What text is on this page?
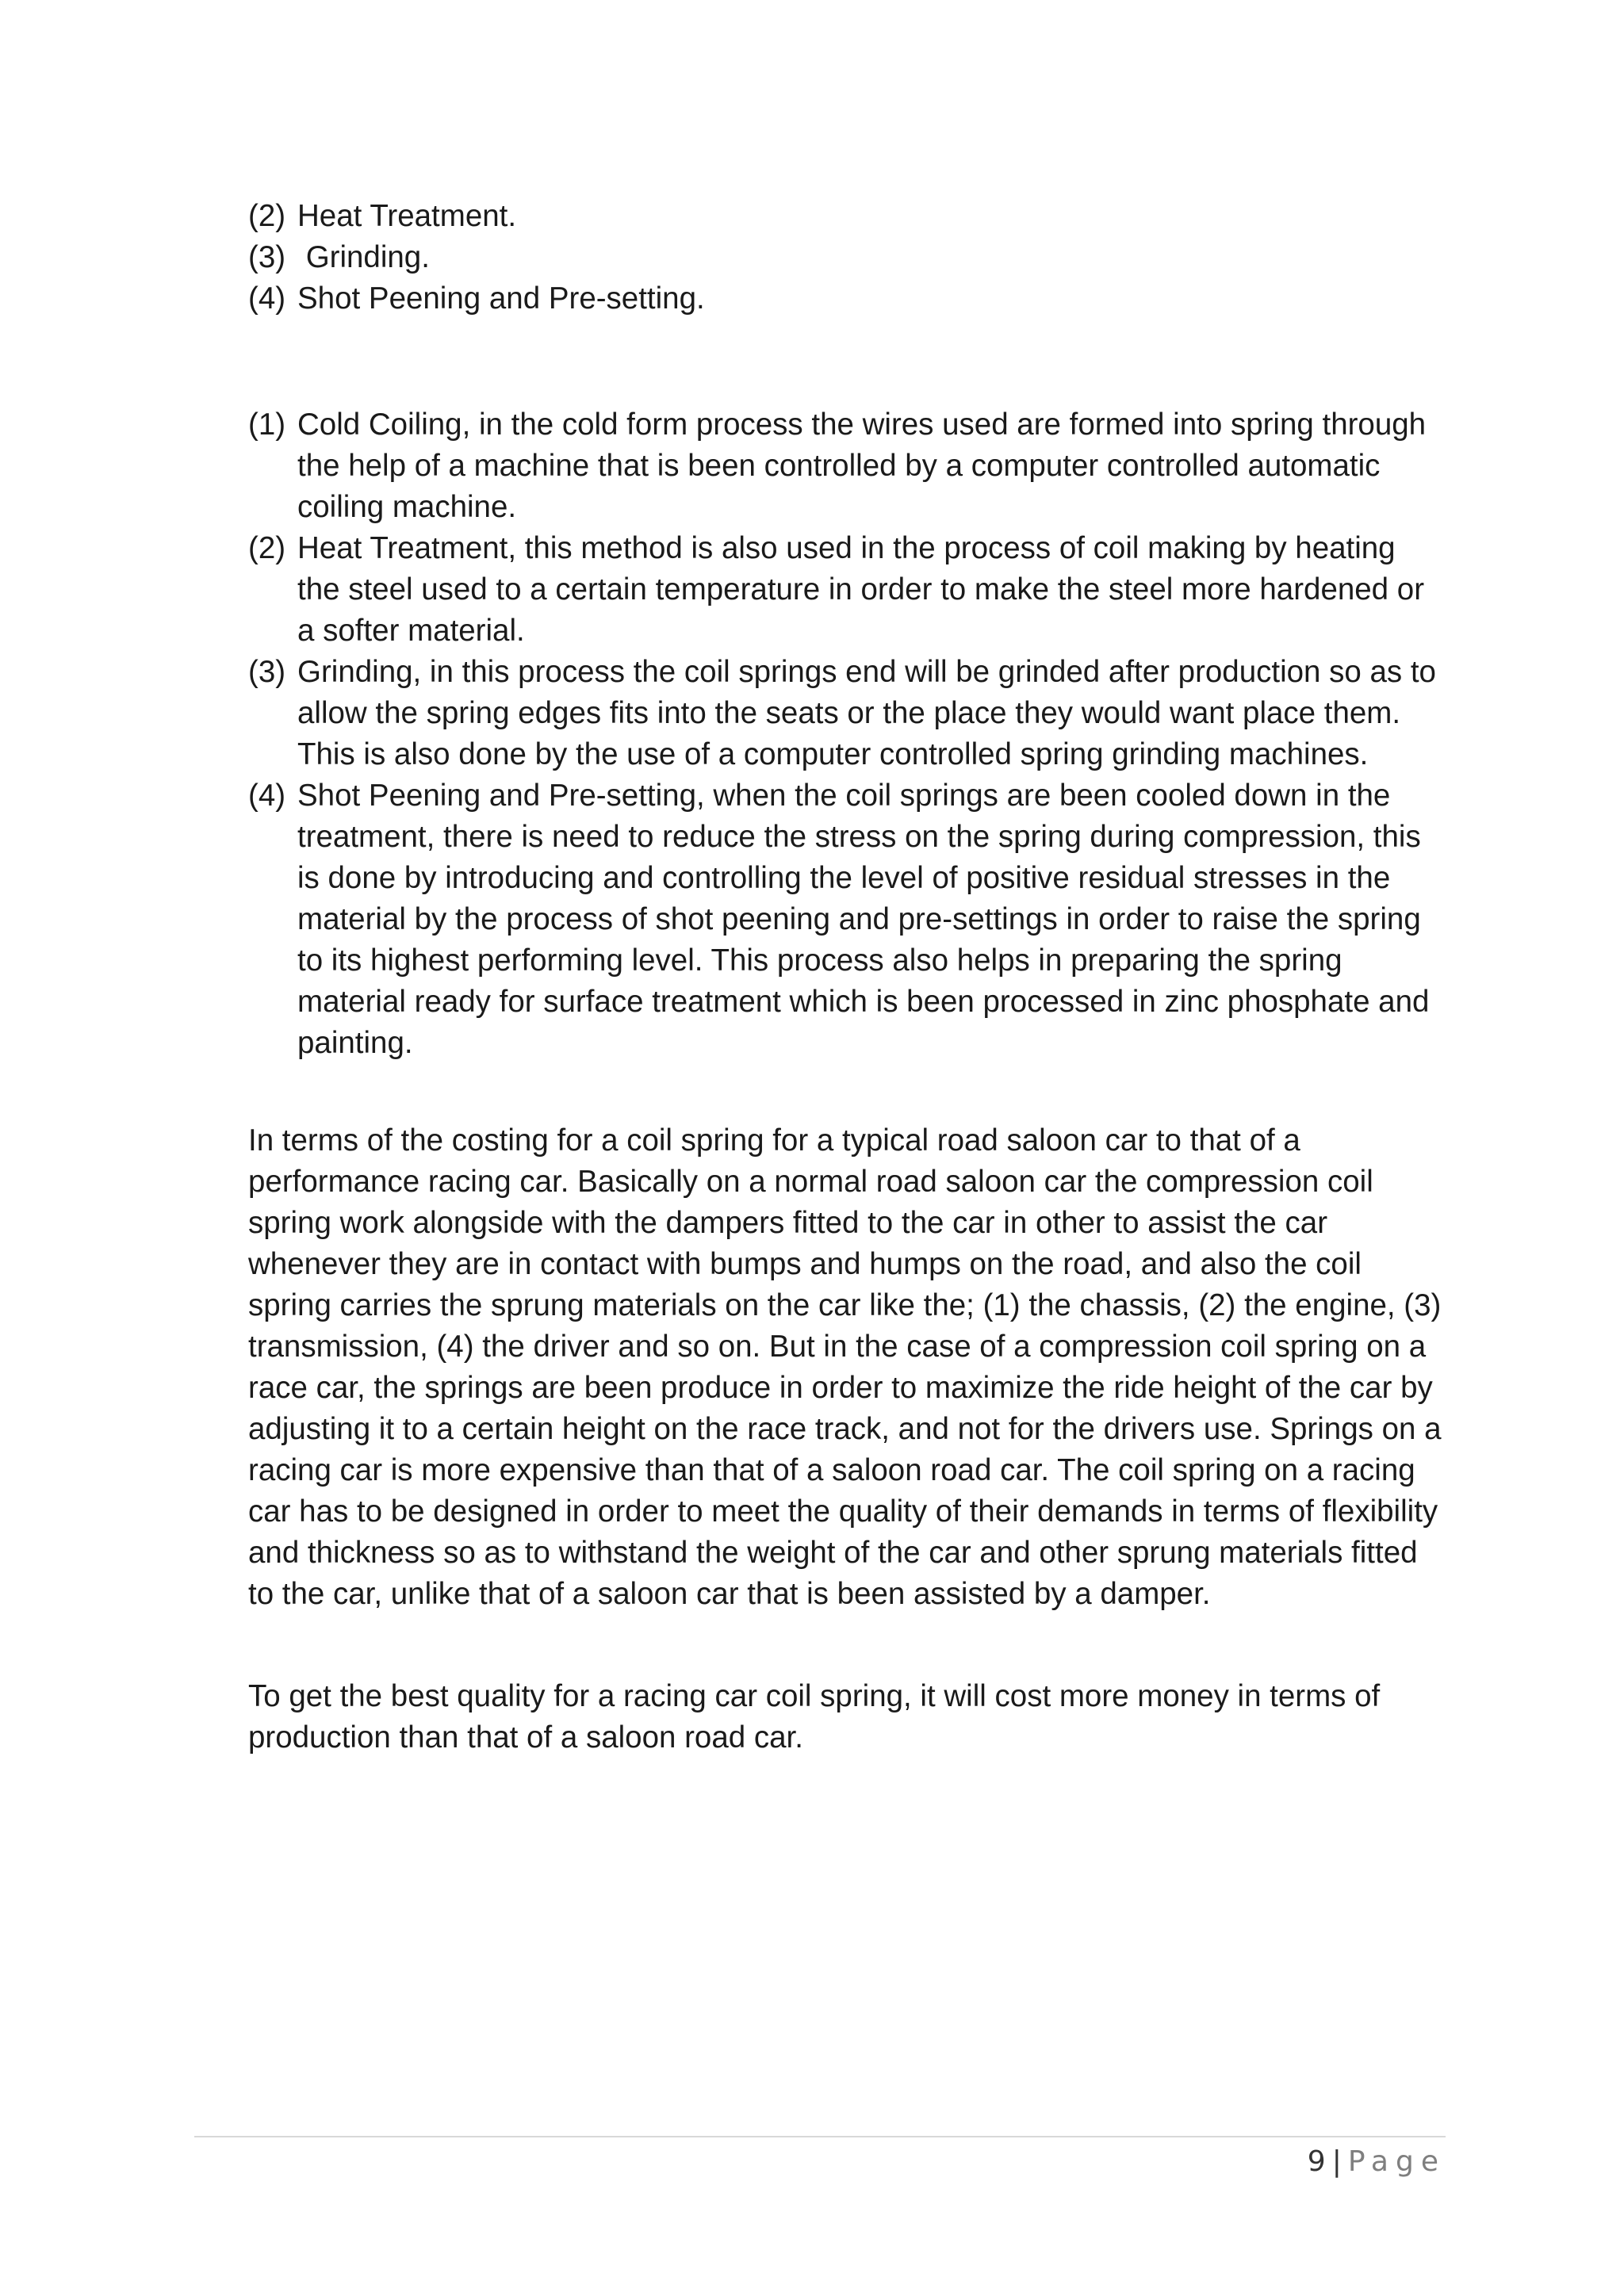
(2) Heat Treatment.
(3) Grinding.
(4) Shot Peening and Pre-setting.
(1) Cold Coiling, in the cold form process the wires used are formed into spring through the help of a machine that is been controlled by a computer controlled automatic coiling machine.
(2) Heat Treatment, this method is also used in the process of coil making by heating the steel used to a certain temperature in order to make the steel more hardened or a softer material.
(3) Grinding, in this process the coil springs end will be grinded after production so as to allow the spring edges fits into the seats or the place they would want place them. This is also done by the use of a computer controlled spring grinding machines.
(4) Shot Peening and Pre-setting, when the coil springs are been cooled down in the treatment, there is need to reduce the stress on the spring during compression, this is done by introducing and controlling the level of positive residual stresses in the material by the process of shot peening and pre-settings in order to raise the spring to its highest performing level. This process also helps in preparing the spring material ready for surface treatment which is been processed in zinc phosphate and painting.

In terms of the costing for a coil spring for a typical road saloon car to that of a performance racing car. Basically on a normal road saloon car the compression coil spring work alongside with the dampers fitted to the car in other to assist the car whenever they are in contact with bumps and humps on the road, and also the coil spring carries the sprung materials on the car like the; (1) the chassis, (2) the engine, (3) transmission, (4) the driver and so on. But in the case of a compression coil spring on a race car, the springs are been produce in order to maximize the ride height of the car by adjusting it to a certain height on the race track, and not for the drivers use. Springs on a racing car is more expensive than that of a saloon road car. The coil spring on a racing car has to be designed in order to meet the quality of their demands in terms of flexibility and thickness so as to withstand the weight of the car and other sprung materials fitted to the car, unlike that of a saloon car that is been assisted by a damper.

To get the best quality for a racing car coil spring, it will cost more money in terms of production than that of a saloon road car.

9 | Page
